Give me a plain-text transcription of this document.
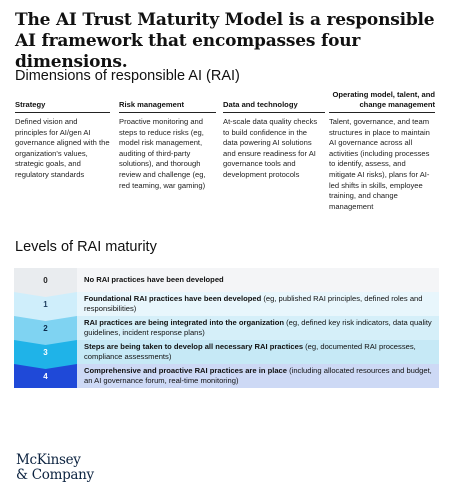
The AI Trust Maturity Model is a responsible AI framework that encompasses four dimensions.
Dimensions of responsible AI (RAI)
Strategy
Defined vision and principles for AI/gen AI governance aligned with the organization's values, strategic goals, and regulatory standards
Risk management
Proactive monitoring and steps to reduce risks (eg, model risk management, auditing of third-party solutions), and thorough review and challenge (eg, red teaming, war gaming)
Data and technology
At-scale data quality checks to build confidence in the data powering AI solutions and ensure readiness for AI governance tools and development protocols
Operating model, talent, and change management
Talent, governance, and team structures in place to maintain AI governance across all activities (including processes to identify, assess, and mitigate AI risks), plans for AI-led shifts in skills, employee training, and change management
Levels of RAI maturity
0	No RAI practices have been developed
1
Foundational RAI practices have been developed (eg, published RAI principles, defined roles and responsibilities)
2
RAI practices are being integrated into the organization (eg, defined key risk indicators, data quality guidelines, incident response plans)
3
Steps are being taken to develop all necessary RAI practices (eg, documented RAI processes, compliance assessments)
4
Comprehensive and proactive RAI practices are in place (including allocated resources and budget, an AI governance forum, real-time monitoring)
McKinsey
& Company
